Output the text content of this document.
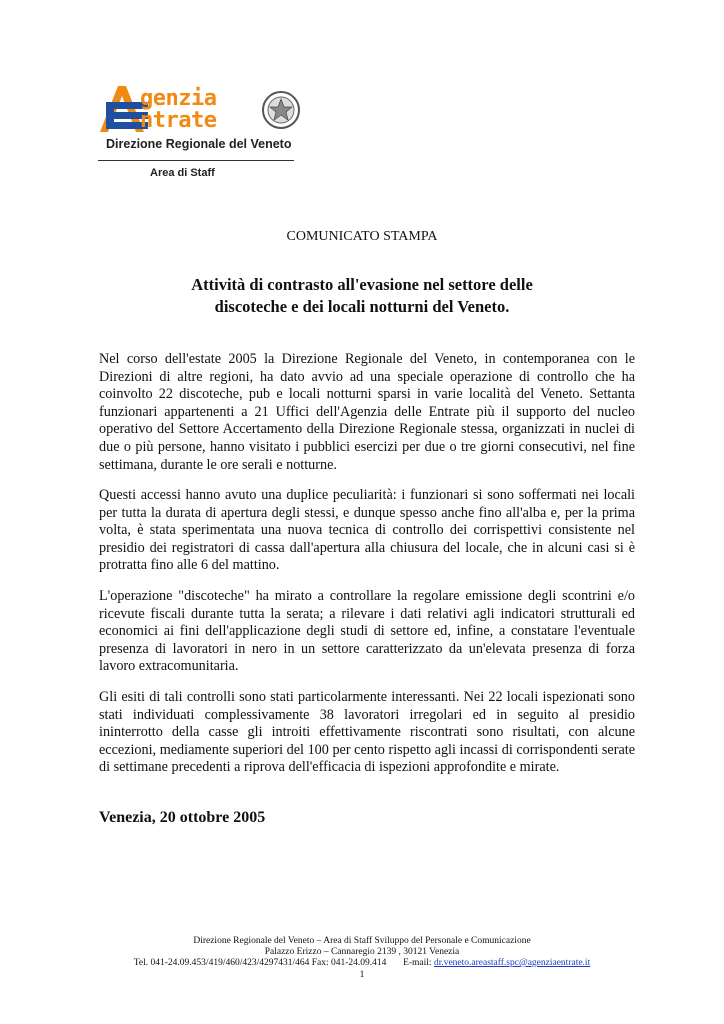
genzia
ntrate
Direzione Regionale del Veneto
Area di Staff
COMUNICATO STAMPA
Attività di contrasto all'evasione nel settore delle
discoteche e dei locali notturni del Veneto.

Nel corso dell'estate 2005 la Direzione Regionale del Veneto, in contemporanea con le Direzioni di altre regioni, ha dato avvio ad una speciale operazione di controllo che ha coinvolto 22 discoteche, pub e locali notturni sparsi in varie località del Veneto. Settanta funzionari appartenenti a 21 Uffici dell'Agenzia delle Entrate più il supporto del nucleo operativo del Settore Accertamento della Direzione Regionale stessa, organizzati in nuclei di due o più persone, hanno visitato i pubblici esercizi per due o tre giorni consecutivi, nel fine settimana, durante le ore serali e notturne.

Questi accessi hanno avuto una duplice peculiarità: i funzionari si sono soffermati nei locali per tutta la durata di apertura degli stessi, e dunque spesso anche fino all'alba e, per la prima volta, è stata sperimentata una nuova tecnica di controllo dei corrispettivi consistente nel presidio dei registratori di cassa dall'apertura alla chiusura del locale, che in alcuni casi si è protratta fino alle 6 del mattino.

L'operazione "discoteche" ha mirato a controllare la regolare emissione degli scontrini e/o ricevute fiscali durante tutta la serata; a rilevare i dati relativi agli indicatori strutturali ed economici ai fini dell'applicazione degli studi di settore ed, infine, a constatare l'eventuale presenza di lavoratori in nero in un settore caratterizzato da un'elevata presenza di forza lavoro extracomunitaria.

Gli esiti di tali controlli sono stati particolarmente interessanti. Nei 22 locali ispezionati sono stati individuati complessivamente 38 lavoratori irregolari ed in seguito al presidio ininterrotto della casse gli introiti effettivamente riscontrati sono risultati, con alcune eccezioni, mediamente superiori del 100 per cento rispetto agli incassi di corrispondenti serate di settimane precedenti a riprova dell'efficacia di ispezioni approfondite e mirate.

Venezia, 20 ottobre 2005
Direzione Regionale del Veneto – Area di Staff Sviluppo del Personale e Comunicazione
Palazzo Erizzo – Cannaregio 2139 , 30121 Venezia
Tel. 041-24.09.453/419/460/423/4297431/464 Fax: 041-24.09.414 E-mail: dr.veneto.areastaff.spc@agenziaentrate.it
1
